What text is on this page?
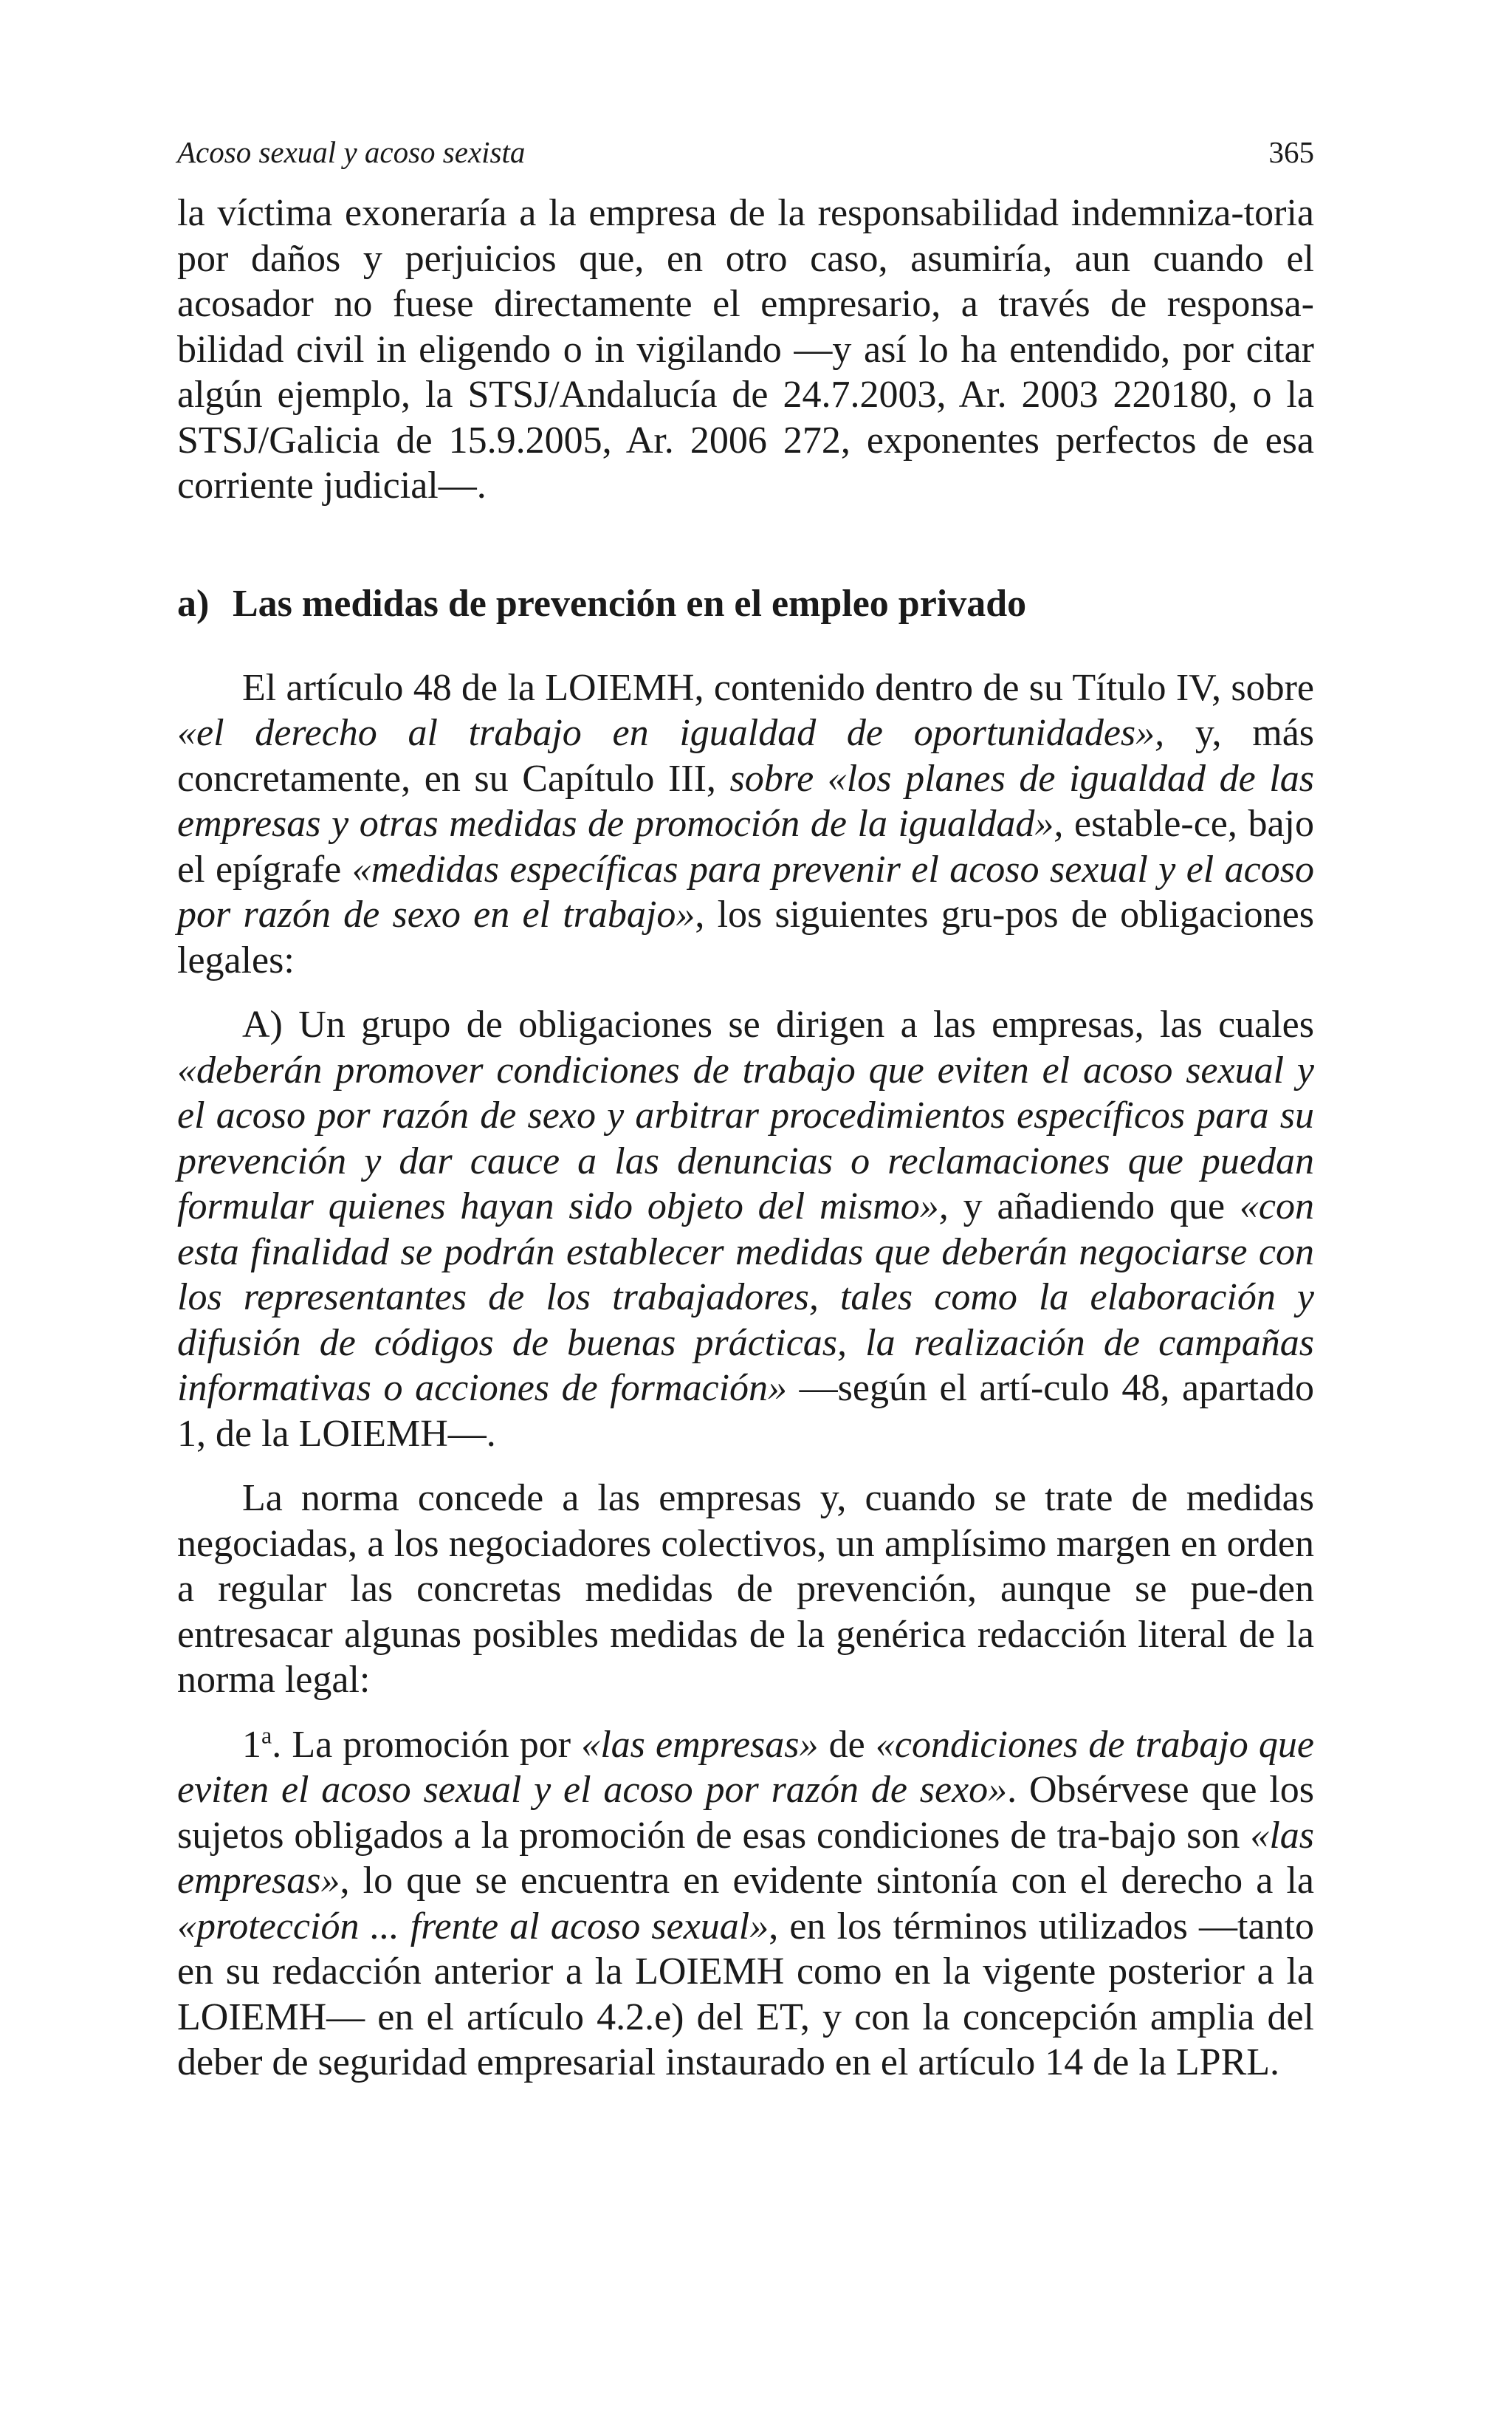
Acoso sexual y acoso sexista	365

la víctima exoneraría a la empresa de la responsabilidad indemniza-toria por daños y perjuicios que, en otro caso, asumiría, aun cuando el acosador no fuese directamente el empresario, a través de responsa-bilidad civil in eligendo o in vigilando —y así lo ha entendido, por citar algún ejemplo, la STSJ/Andalucía de 24.7.2003, Ar. 2003 220180, o la STSJ/Galicia de 15.9.2005, Ar. 2006 272, exponentes perfectos de esa corriente judicial—.

a) Las medidas de prevención en el empleo privado

El artículo 48 de la LOIEMH, contenido dentro de su Título IV, sobre «el derecho al trabajo en igualdad de oportunidades», y, más concretamente, en su Capítulo III, sobre «los planes de igualdad de las empresas y otras medidas de promoción de la igualdad», estable-ce, bajo el epígrafe «medidas específicas para prevenir el acoso sexual y el acoso por razón de sexo en el trabajo», los siguientes gru-pos de obligaciones legales:

A) Un grupo de obligaciones se dirigen a las empresas, las cuales «deberán promover condiciones de trabajo que eviten el acoso sexual y el acoso por razón de sexo y arbitrar procedimientos específicos para su prevención y dar cauce a las denuncias o reclamaciones que puedan formular quienes hayan sido objeto del mismo», y añadiendo que «con esta finalidad se podrán establecer medidas que deberán negociarse con los representantes de los trabajadores, tales como la elaboración y difusión de códigos de buenas prácticas, la realización de campañas informativas o acciones de formación» —según el artí-culo 48, apartado 1, de la LOIEMH—.

La norma concede a las empresas y, cuando se trate de medidas negociadas, a los negociadores colectivos, un amplísimo margen en orden a regular las concretas medidas de prevención, aunque se pue-den entresacar algunas posibles medidas de la genérica redacción literal de la norma legal:

1$^a$. La promoción por «las empresas» de «condiciones de trabajo que eviten el acoso sexual y el acoso por razón de sexo». Obsérvese que los sujetos obligados a la promoción de esas condiciones de tra-bajo son «las empresas», lo que se encuentra en evidente sintonía con el derecho a la «protección ... frente al acoso sexual», en los términos utilizados —tanto en su redacción anterior a la LOIEMH como en la vigente posterior a la LOIEMH— en el artículo 4.2.e) del ET, y con la concepción amplia del deber de seguridad empresarial instaurado en el artículo 14 de la LPRL.
